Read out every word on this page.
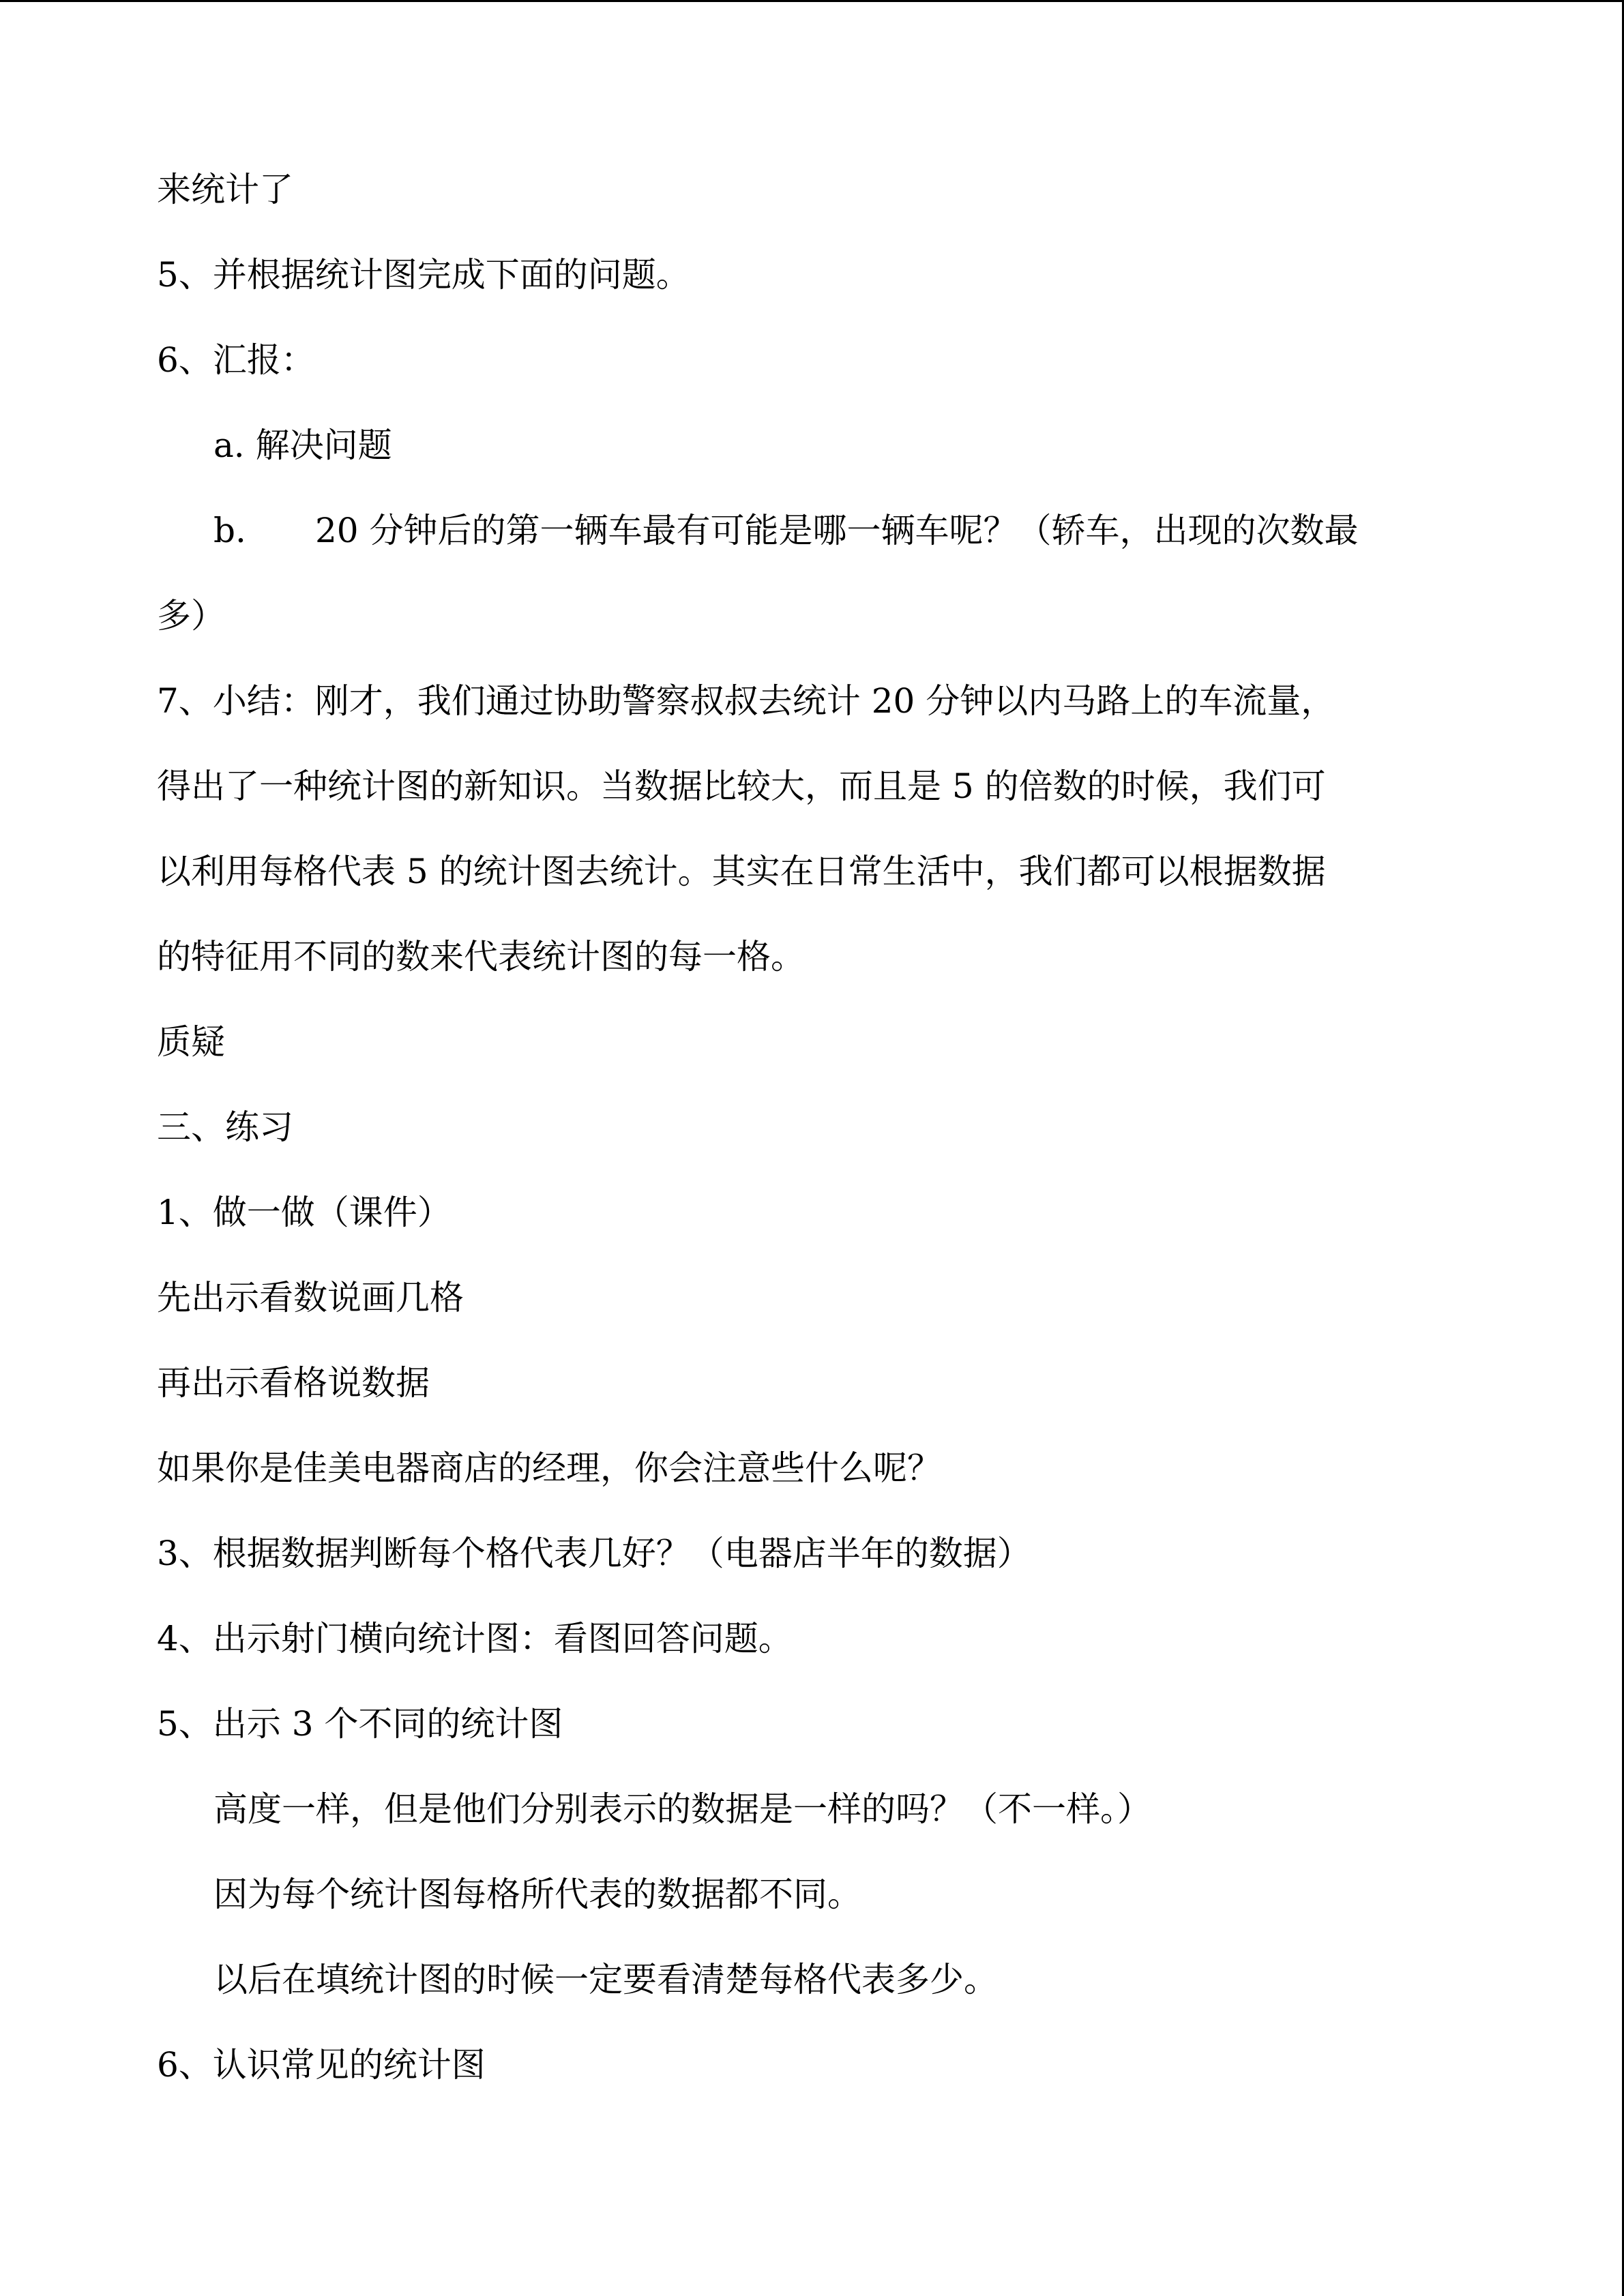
来统计了

5、并根据统计图完成下面的问题。

6、汇报：

a. 解决问题

b. 20 分钟后的第一辆车最有可能是哪一辆车呢？（轿车，出现的次数最

多）

7、小结：刚才，我们通过协助警察叔叔去统计 20 分钟以内马路上的车流量，

得出了一种统计图的新知识。当数据比较大，而且是 5 的倍数的时候，我们可

以利用每格代表 5 的统计图去统计。其实在日常生活中，我们都可以根据数据

的特征用不同的数来代表统计图的每一格。

质疑

三、练习

1、做一做（课件）

先出示看数说画几格

再出示看格说数据

如果你是佳美电器商店的经理，你会注意些什么呢？

3、根据数据判断每个格代表几好？（电器店半年的数据）

4、出示射门横向统计图：看图回答问题。

5、出示 3 个不同的统计图

高度一样，但是他们分别表示的数据是一样的吗？（不一样。）

因为每个统计图每格所代表的数据都不同。

以后在填统计图的时候一定要看清楚每格代表多少。

6、认识常见的统计图
